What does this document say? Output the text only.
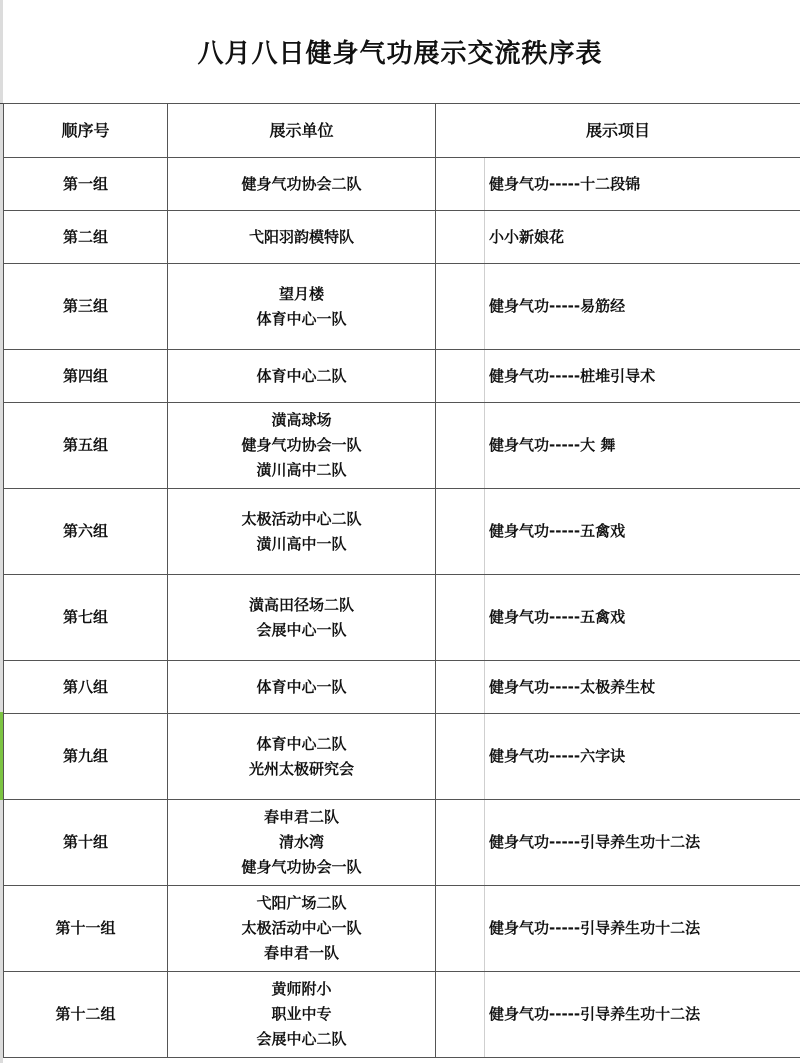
八月八日健身气功展示交流秩序表
顺序号	展示单位	展示项目
第一组	健身气功协会二队	健身气功-----十二段锦
第二组	弋阳羽韵模特队	小小新娘花
第三组	望月楼
体育中心一队	健身气功-----易筋经
第四组	体育中心二队	健身气功-----桩堆引导术
第五组	潢高球场
健身气功协会一队
潢川高中二队	健身气功-----大 舞
第六组	太极活动中心二队
潢川高中一队	健身气功-----五禽戏
第七组	潢高田径场二队
会展中心一队	健身气功-----五禽戏
第八组	体育中心一队	健身气功-----太极养生杖
第九组	体育中心二队
光州太极研究会	健身气功-----六字诀
第十组	春申君二队
清水湾
健身气功协会一队	健身气功-----引导养生功十二法
第十一组	弋阳广场二队
太极活动中心一队
春申君一队	健身气功-----引导养生功十二法
第十二组	黄师附小
职业中专
会展中心二队	健身气功-----引导养生功十二法
